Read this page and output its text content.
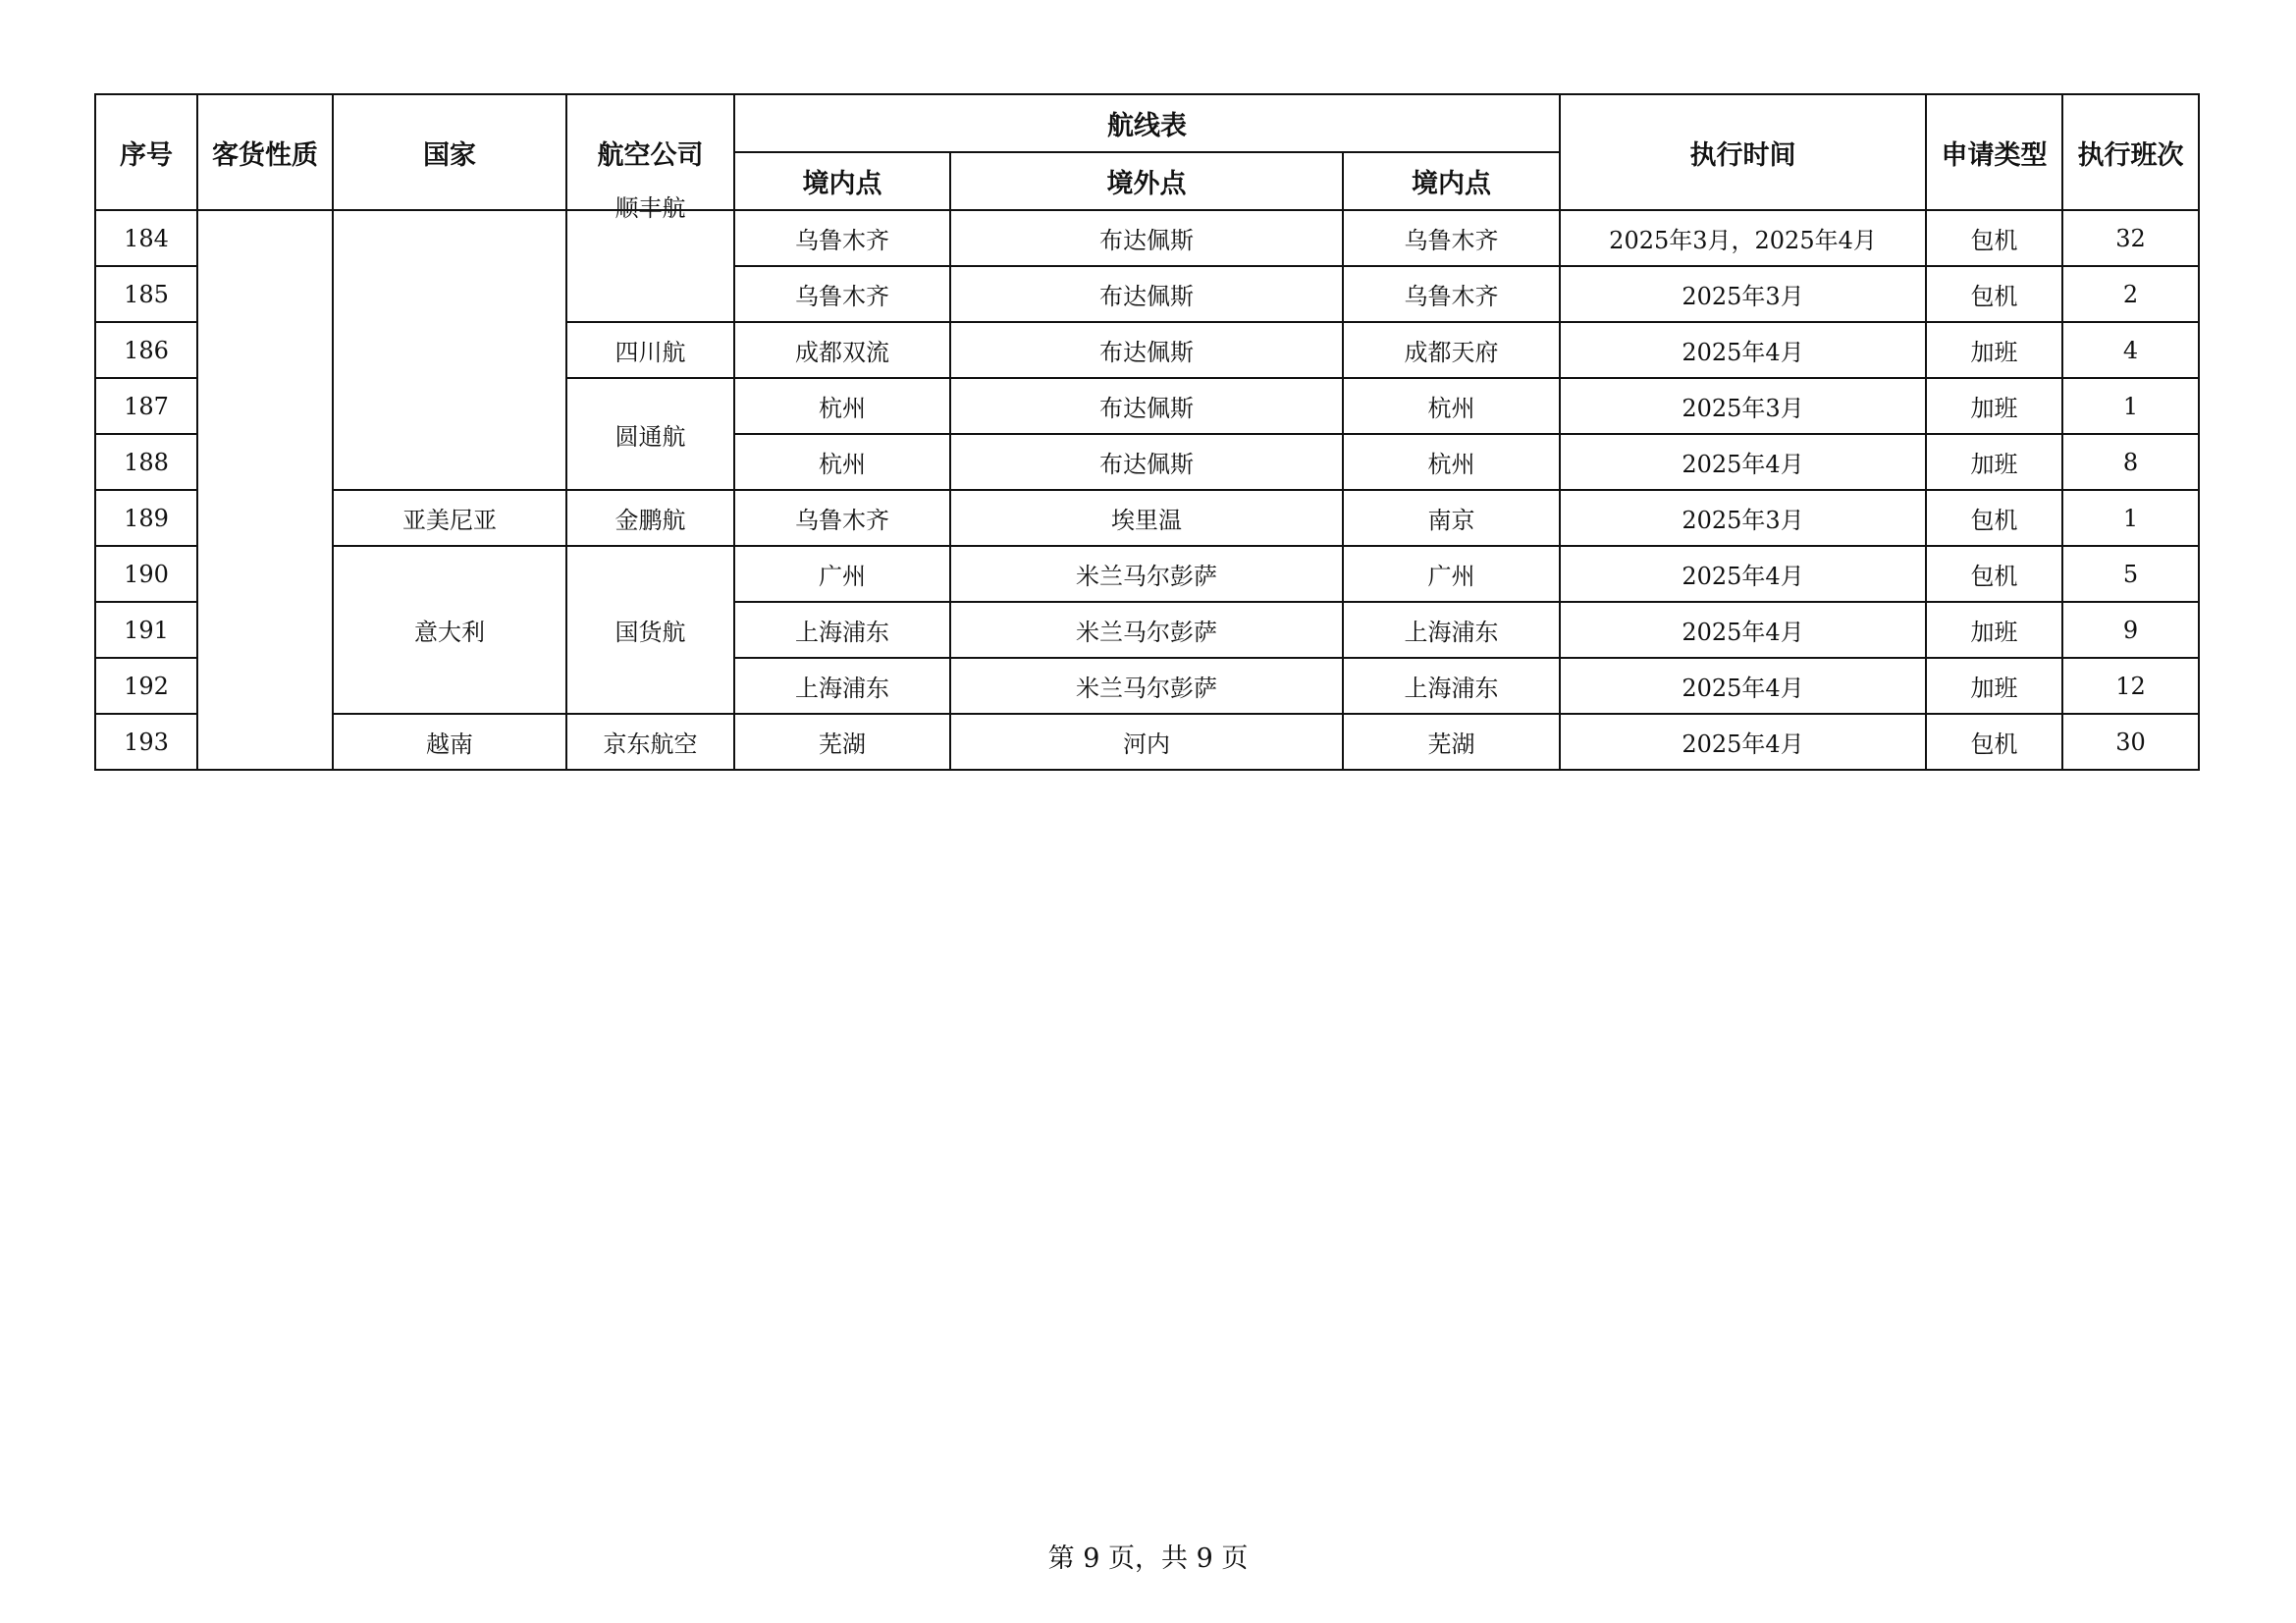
序号	客货性质	国家	航空公司	航线表			执行时间	申请类型	执行班次
				境内点	境外点	境内点			
184			顺丰航	乌鲁木齐	布达佩斯	乌鲁木齐	2025年3月，2025年4月	包机	32
185				乌鲁木齐	布达佩斯	乌鲁木齐	2025年3月	包机	2
186			四川航	成都双流	布达佩斯	成都天府	2025年4月	加班	4
187			圆通航	杭州	布达佩斯	杭州	2025年3月	加班	1
188				杭州	布达佩斯	杭州	2025年4月	加班	8
189		亚美尼亚	金鹏航	乌鲁木齐	埃里温	南京	2025年3月	包机	1
190		意大利	国货航	广州	米兰马尔彭萨	广州	2025年4月	包机	5
191				上海浦东	米兰马尔彭萨	上海浦东	2025年4月	加班	9
192				上海浦东	米兰马尔彭萨	上海浦东	2025年4月	加班	12
193		越南	京东航空	芜湖	河内	芜湖	2025年4月	包机	30
第 9 页，共 9 页
